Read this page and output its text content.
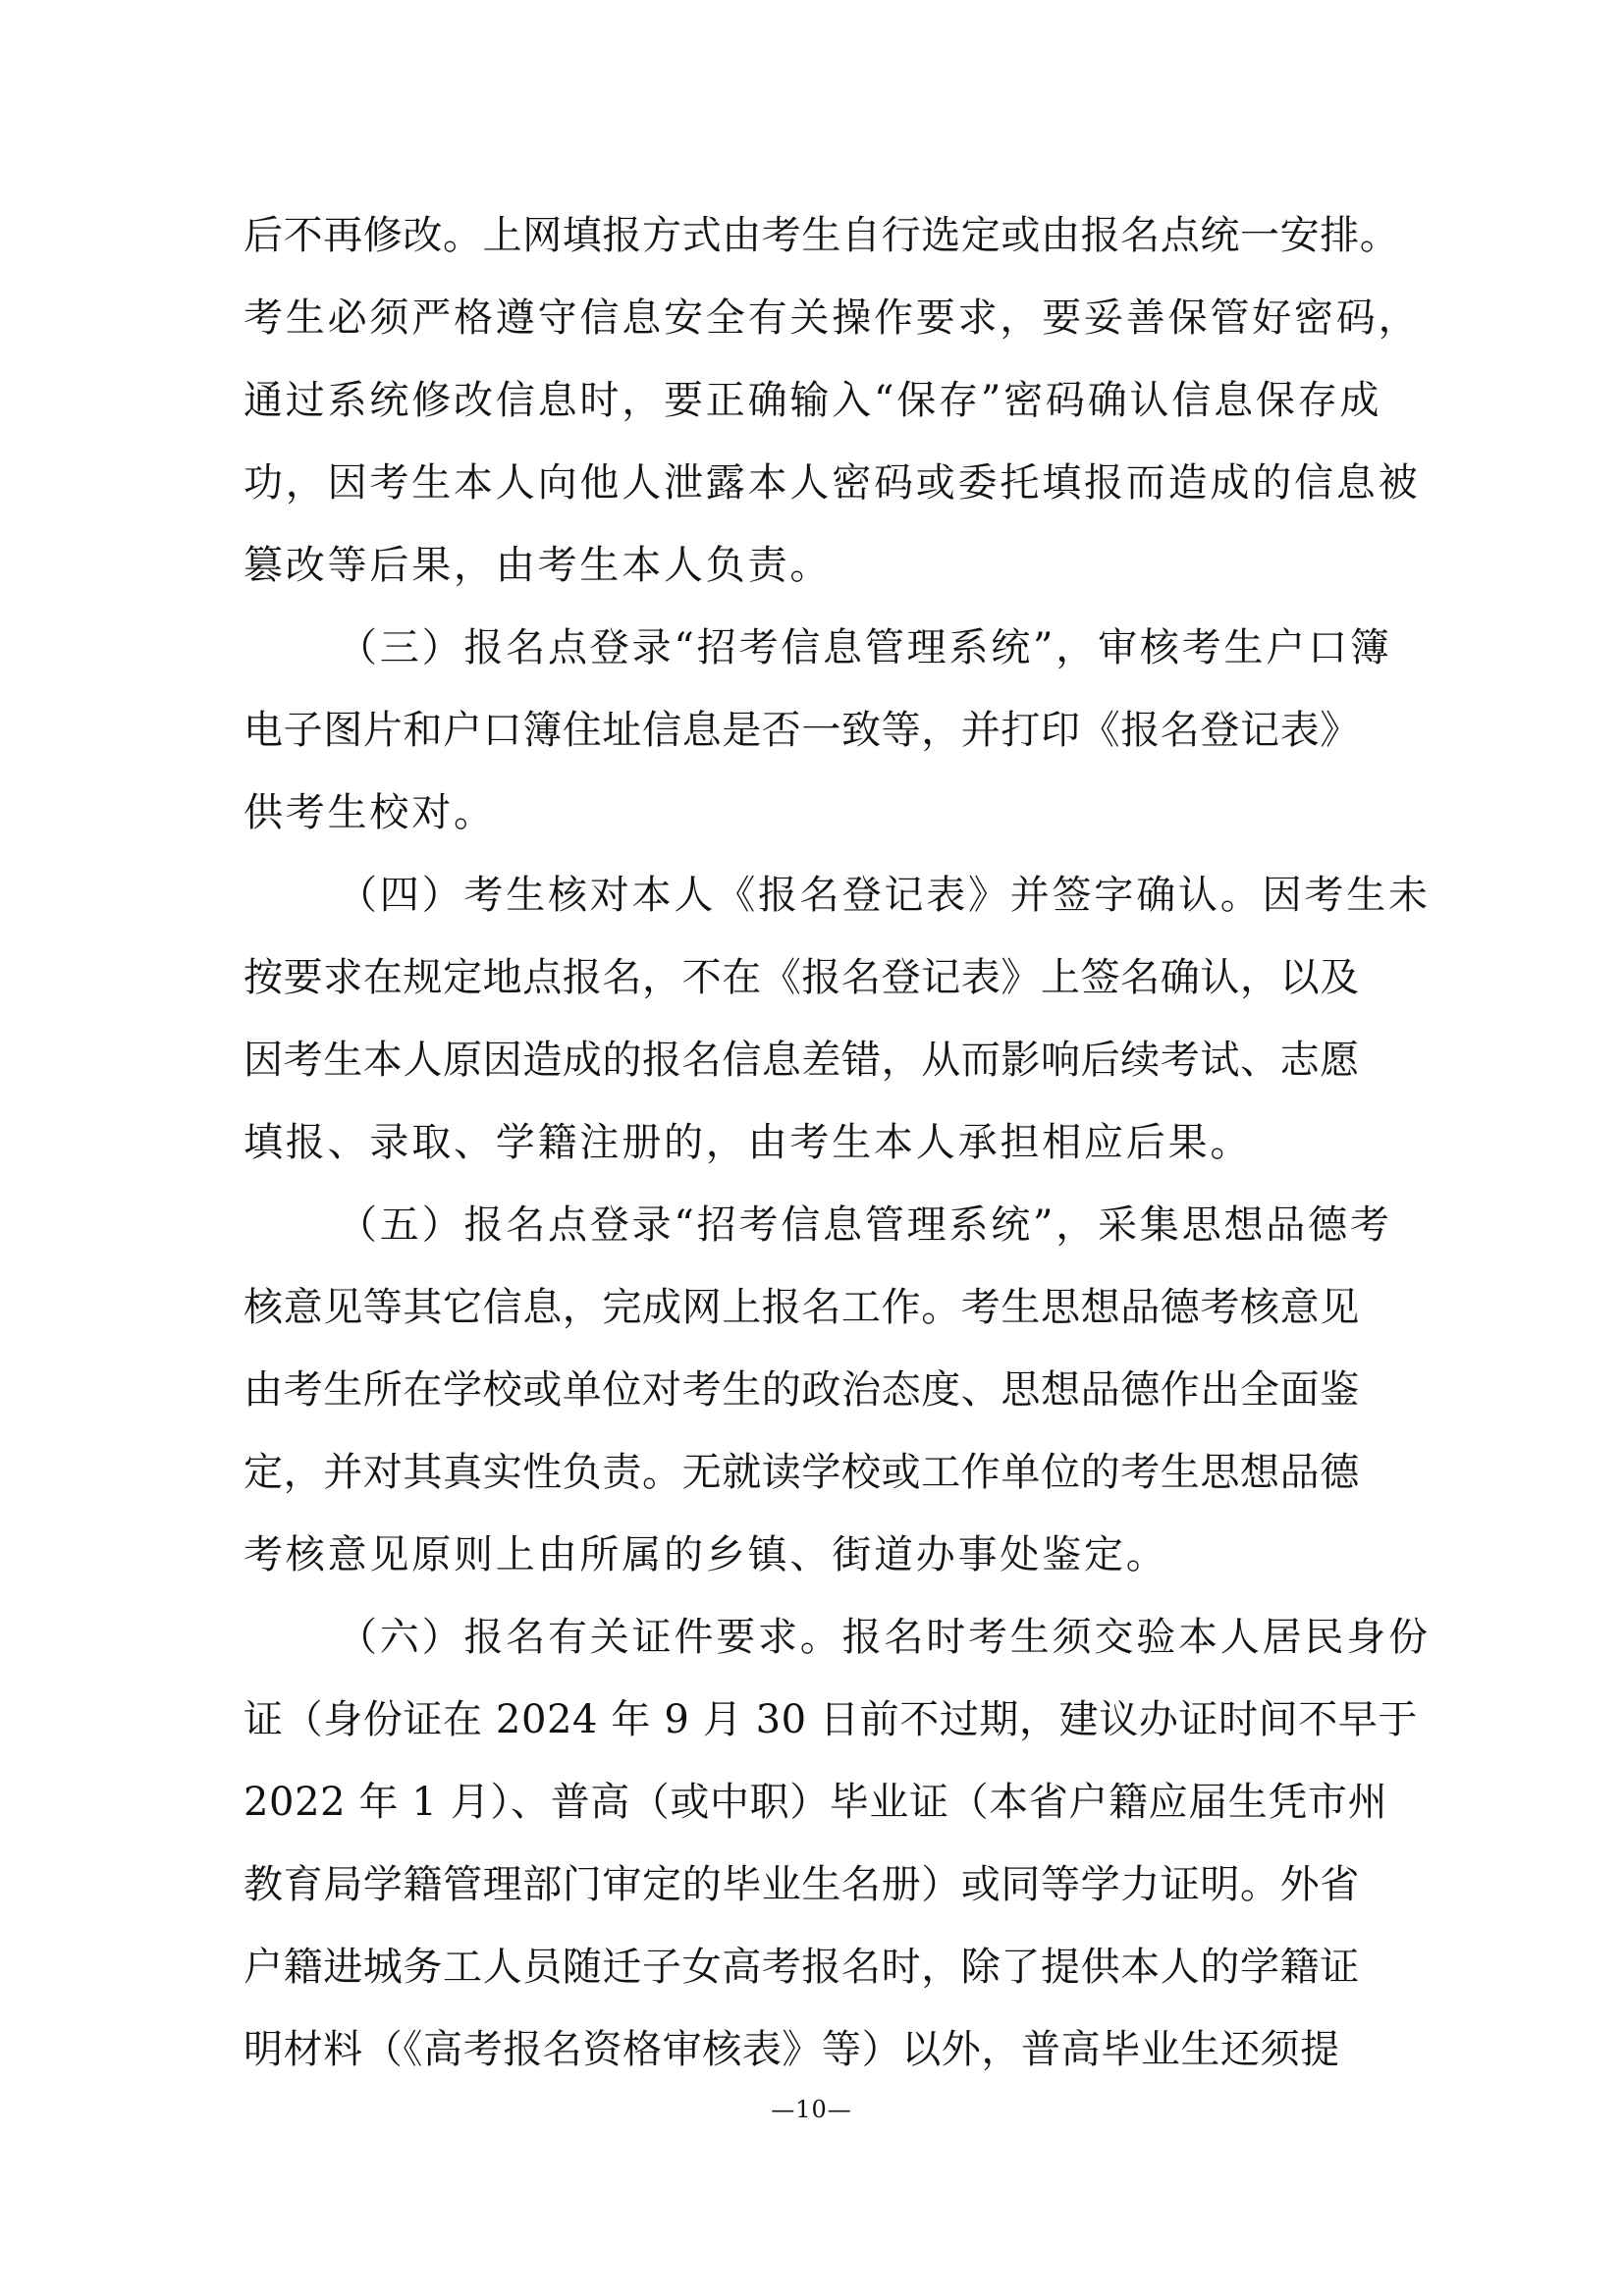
后不再修改。上网填报方式由考生自行选定或由报名点统一安排。
考生必须严格遵守信息安全有关操作要求，要妥善保管好密码，
通过系统修改信息时，要正确输入“保存”密码确认信息保存成
功，因考生本人向他人泄露本人密码或委托填报而造成的信息被
篡改等后果，由考生本人负责。
（三）报名点登录“招考信息管理系统”，审核考生户口簿
电子图片和户口簿住址信息是否一致等，并打印《报名登记表》
供考生校对。
（四）考生核对本人《报名登记表》并签字确认。因考生未
按要求在规定地点报名，不在《报名登记表》上签名确认，以及
因考生本人原因造成的报名信息差错，从而影响后续考试、志愿
填报、录取、学籍注册的，由考生本人承担相应后果。
（五）报名点登录“招考信息管理系统”，采集思想品德考
核意见等其它信息，完成网上报名工作。考生思想品德考核意见
由考生所在学校或单位对考生的政治态度、思想品德作出全面鉴
定，并对其真实性负责。无就读学校或工作单位的考生思想品德
考核意见原则上由所属的乡镇、街道办事处鉴定。
（六）报名有关证件要求。报名时考生须交验本人居民身份
证（身份证在 2024 年 9 月 30 日前不过期，建议办证时间不早于
2022 年 1 月）、普高（或中职）毕业证（本省户籍应届生凭市州
教育局学籍管理部门审定的毕业生名册）或同等学力证明。外省
户籍进城务工人员随迁子女高考报名时，除了提供本人的学籍证
明材料（《高考报名资格审核表》等）以外，普高毕业生还须提
—10—
